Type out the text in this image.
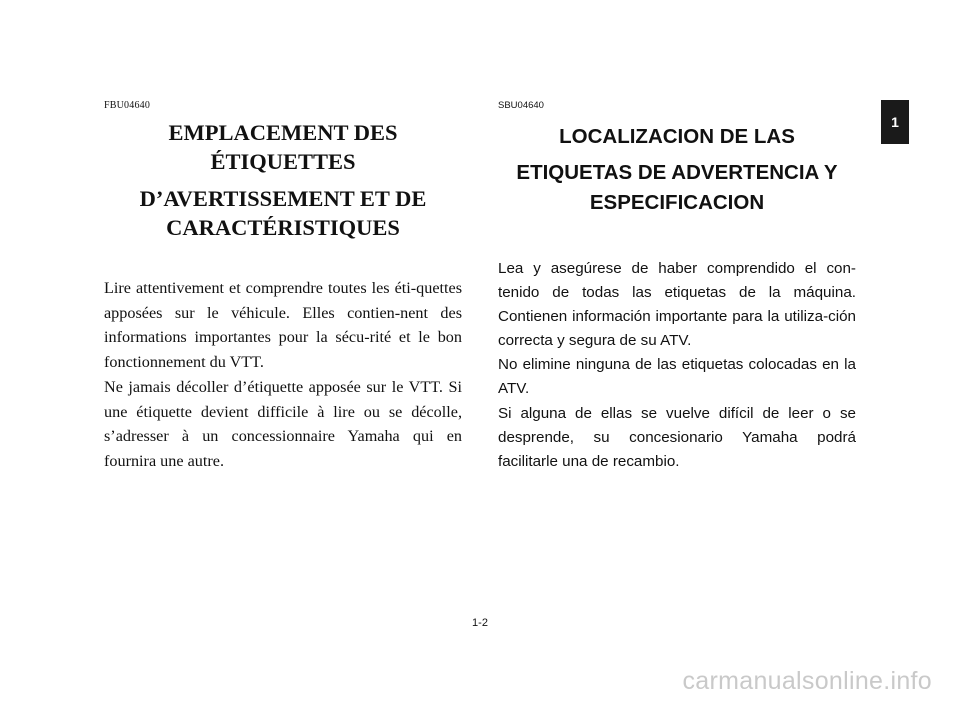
FBU04640

EMPLACEMENT DES
ÉTIQUETTES
D’AVERTISSEMENT ET DE
CARACTÉRISTIQUES

Lire attentivement et comprendre toutes les éti-quettes apposées sur le véhicule. Elles contien-nent des informations importantes pour la sécu-rité et le bon fonctionnement du VTT.

Ne jamais décoller d’étiquette apposée sur le VTT. Si une étiquette devient difficile à lire ou se décolle, s’adresser à un concessionnaire Yamaha qui en fournira une autre.

SBU04640

LOCALIZACION DE LAS
ETIQUETAS DE ADVERTENCIA Y
ESPECIFICACION

Lea y asegúrese de haber comprendido el con-tenido de todas las etiquetas de la máquina. Contienen información importante para la utiliza-ción correcta y segura de su ATV.

No elimine ninguna de las etiquetas colocadas en la ATV.

Si alguna de ellas se vuelve difícil de leer o se desprende, su concesionario Yamaha podrá facilitarle una de recambio.

1
1-2
carmanualsonline.info
